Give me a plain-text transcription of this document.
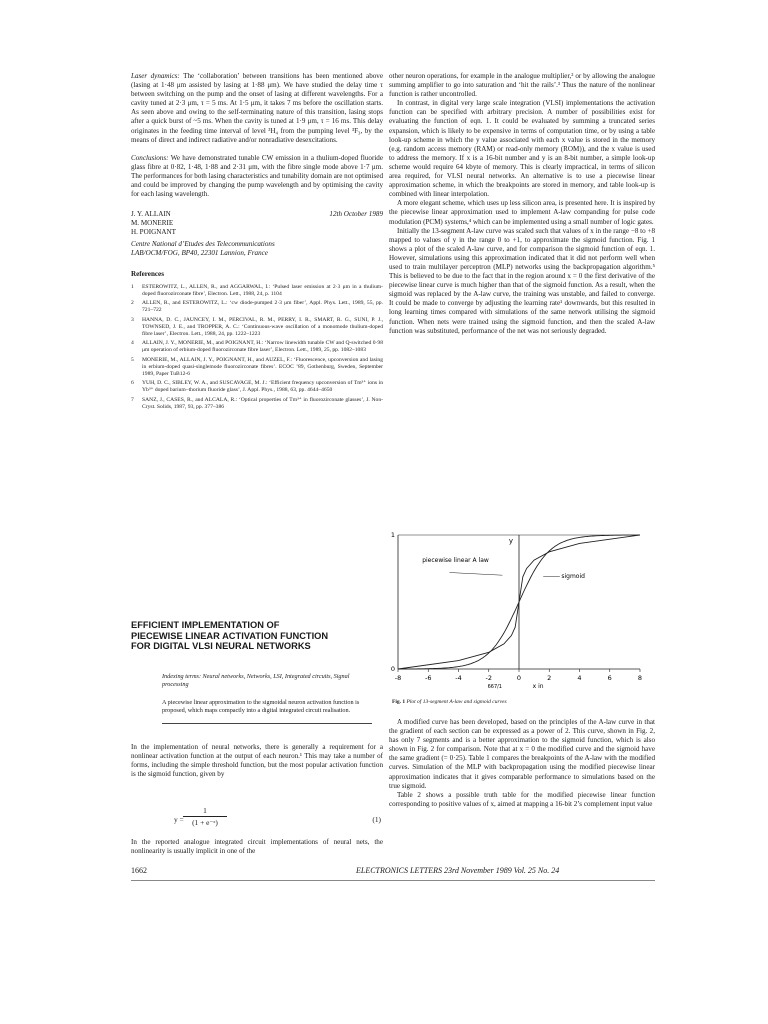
Laser dynamics: The ‘collaboration’ between transitions has been mentioned above (lasing at 1·48 μm assisted by lasing at 1·88 μm). We have studied the delay time τ between switching on the pump and the onset of lasing at different wavelengths. For a cavity tuned at 2·3 μm, τ = 5 ms. At 1·5 μm, it takes 7 ms before the oscillation starts. As seen above and owing to the self-terminating nature of this transition, lasing stops after a quick burst of ~5 ms. When the cavity is tuned at 1·9 μm, τ = 16 ms. This delay originates in the feeding time interval of level ³H₄ from the pumping level ³F₃, by the means of direct and indirect radiative and/or nonradiative desexcitations.

Conclusions: We have demonstrated tunable CW emission in a thulium-doped fluoride glass fibre at 0·82, 1·48, 1·88 and 2·31 μm, with the fibre single mode above 1·7 μm. The performances for both lasing characteristics and tunability domain are not optimised and could be improved by changing the pump wavelength and by optimising the cavity for each lasing wavelength.

J. Y. ALLAIN
M. MONERIE
H. POIGNANT
12th October 1989
Centre National d’Etudes des Telecommunications
LAB/OCM/FOG, BP40, 22301 Lannion, France
References
1 ESTEROWITZ, L., ALLEN, R., and AGGARWAL, I.: ‘Pulsed laser emission at 2·3 μm in a thulium-doped fluorozirconate fibre’, Electron. Lett., 1988, 24, p. 1104
2 ALLEN, R., and ESTEROWITZ, L.: ‘cw diode-pumped 2·3 μm fiber’, Appl. Phys. Lett., 1989, 55, pp. 721–722
3 HANNA, D. C., JAUNCEY, I. M., PERCIVAL, R. M., PERRY, I. R., SMART, R. G., SUNI, P. J., TOWNSED, J. E., and TROPPER, A. C.: ‘Continuous-wave oscillation of a monomode thulium-doped fibre laser’, Electron. Lett., 1988, 24, pp. 1222–1223
4 ALLAIN, J. Y., MONERIE, M., and POIGNANT, H.: ‘Narrow linewidth tunable CW and Q-switched 0·98 μm operation of erbium-doped fluorozirconate fibre laser’, Electron. Lett., 1989, 25, pp. 1082–1083
5 MONERIE, M., ALLAIN, J. Y., POIGNANT, H., and AUZEL, F.: ‘Fluorescence, upconversion and lasing in erbium-doped quasi-singlemode fluorozirconate fibres’. ECOC ’89, Gothenburg, Sweden, September 1989, Paper TuB12-6
6 YUH, D. C., SIBLEY, W. A., and SUSCAVAGE, M. J.: ‘Efficient frequency upconversion of Tm³⁺ ions in Yb³⁺ doped barium–thorium fluoride glass’, J. Appl. Phys., 1988, 63, pp. 4644–4650
7 SANZ, J., CASES, R., and ALCALA, R.: ‘Optical properties of Tm³⁺ in fluorozirconate glasses’, J. Non-Cryst. Solids, 1987, 93, pp. 377–386
EFFICIENT IMPLEMENTATION OF
PIECEWISE LINEAR ACTIVATION FUNCTION
FOR DIGITAL VLSI NEURAL NETWORKS
Indexing terms: Neural networks, Networks, LSI, Integrated circuits, Signal processing
A piecewise linear approximation to the sigmoidal neuron activation function is proposed, which maps compactly into a digital integrated circuit realisation.

In the implementation of neural networks, there is generally a requirement for a nonlinear activation function at the output of each neuron.¹ This may take a number of forms, including the simple threshold function, but the most popular activation function is the sigmoid function, given by

$y = \frac{1}{\text{(1 + e⁻ˣ)}}$	(1)

In the reported analogue integrated circuit implementations of neural nets, the nonlinearity is usually implicit in one of the

other neuron operations, for example in the analogue multiplier,² or by allowing the analogue summing amplifier to go into saturation and ‘hit the rails’.³ Thus the nature of the nonlinear function is rather uncontrolled.

In contrast, in digital very large scale integration (VLSI) implementations the activation function can be specified with arbitrary precision. A number of possibilities exist for evaluating the function of eqn. 1. It could be evaluated by summing a truncated series expansion, which is likely to be expensive in terms of computation time, or by using a table look-up scheme in which the y value associated with each x value is stored in the memory (e.g. random access memory (RAM) or read-only memory (ROM)), and the x value is used to address the memory. If x is a 16-bit number and y is an 8-bit number, a simple look-up scheme would require 64 kbyte of memory. This is clearly impractical, in terms of silicon area required, for VLSI neural networks. An alternative is to use a piecewise linear approximation scheme, in which the breakpoints are stored in memory, and table look-up is combined with linear interpolation.

A more elegant scheme, which uses up less silicon area, is presented here. It is inspired by the piecewise linear approximation used to implement A-law companding for pulse code modulation (PCM) systems,⁴ which can be implemented using a small number of logic gates.

Initially the 13-segment A-law curve was scaled such that values of x in the range −8 to +8 mapped to values of y in the range 0 to +1, to approximate the sigmoid function. Fig. 1 shows a plot of the scaled A-law curve, and for comparison the sigmoid function of eqn. 1. However, simulations using this approximation indicated that it did not perform well when used to train multilayer perceptron (MLP) networks using the backpropagation algorithm.⁵ This is believed to be due to the fact that in the region around x = 0 the first derivative of the piecewise linear curve is much higher than that of the sigmoid function. As a result, when the sigmoid was replaced by the A-law curve, the training was unstable, and failed to converge. It could be made to converge by adjusting the learning rate¹ downwards, but this resulted in long learning times compared with simulations of the same network utilising the sigmoid function. When nets were trained using the sigmoid function, and then the scaled A-law function was substituted, performance of the net was not seriously degraded.

-8	-6	-4	-2	0	2	4	6	8
0
1
y
x in
piecewise linear A law
sigmoid
667/1
Fig. 1 Plot of 13-segment A-law and sigmoid curves

A modified curve has been developed, based on the principles of the A-law curve in that the gradient of each section can be expressed as a power of 2. This curve, shown in Fig. 2, has only 7 segments and is a better approximation to the sigmoid function, which is also shown in Fig. 2 for comparison. Note that at x = 0 the modified curve and the sigmoid have the same gradient (= 0·25). Table 1 compares the breakpoints of the A-law with the modified curves. Simulation of the MLP with backpropagation using the modified piecewise linear approximation indicates that it gives comparable performance to simulations based on the true sigmoid.

Table 2 shows a possible truth table for the modified piecewise linear function corresponding to positive values of x, aimed at mapping a 16-bit 2’s complement input value

1662	ELECTRONICS LETTERS 23rd November 1989 Vol. 25 No. 24
